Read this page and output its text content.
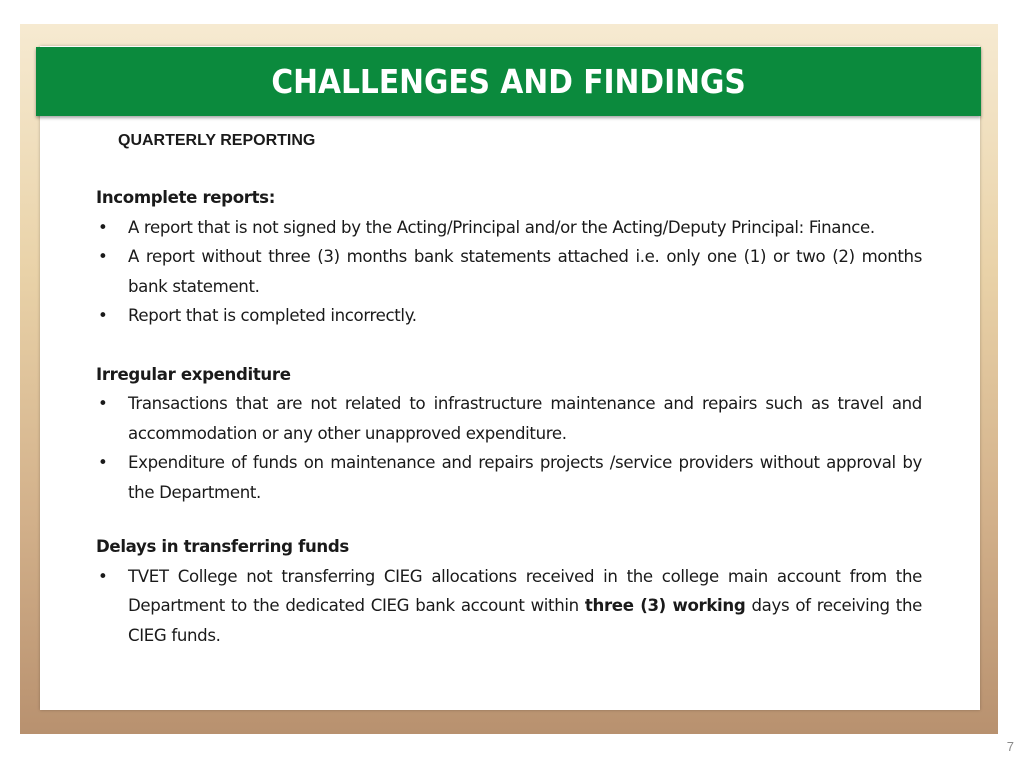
CHALLENGES AND FINDINGS
QUARTERLY REPORTING

Incomplete reports:

• A report that is not signed by the Acting/Principal and/or the Acting/Deputy Principal: Finance.
• A report without three (3) months bank statements attached i.e. only one (1) or two (2) months bank statement.
• Report that is completed incorrectly.

Irregular expenditure

• Transactions that are not related to infrastructure maintenance and repairs such as travel and accommodation or any other unapproved expenditure.
• Expenditure of funds on maintenance and repairs projects /service providers without approval by the Department.

Delays in transferring funds

• TVET College not transferring CIEG allocations received in the college main account from the Department to the dedicated CIEG bank account within three (3) working days of receiving the CIEG funds.
7
